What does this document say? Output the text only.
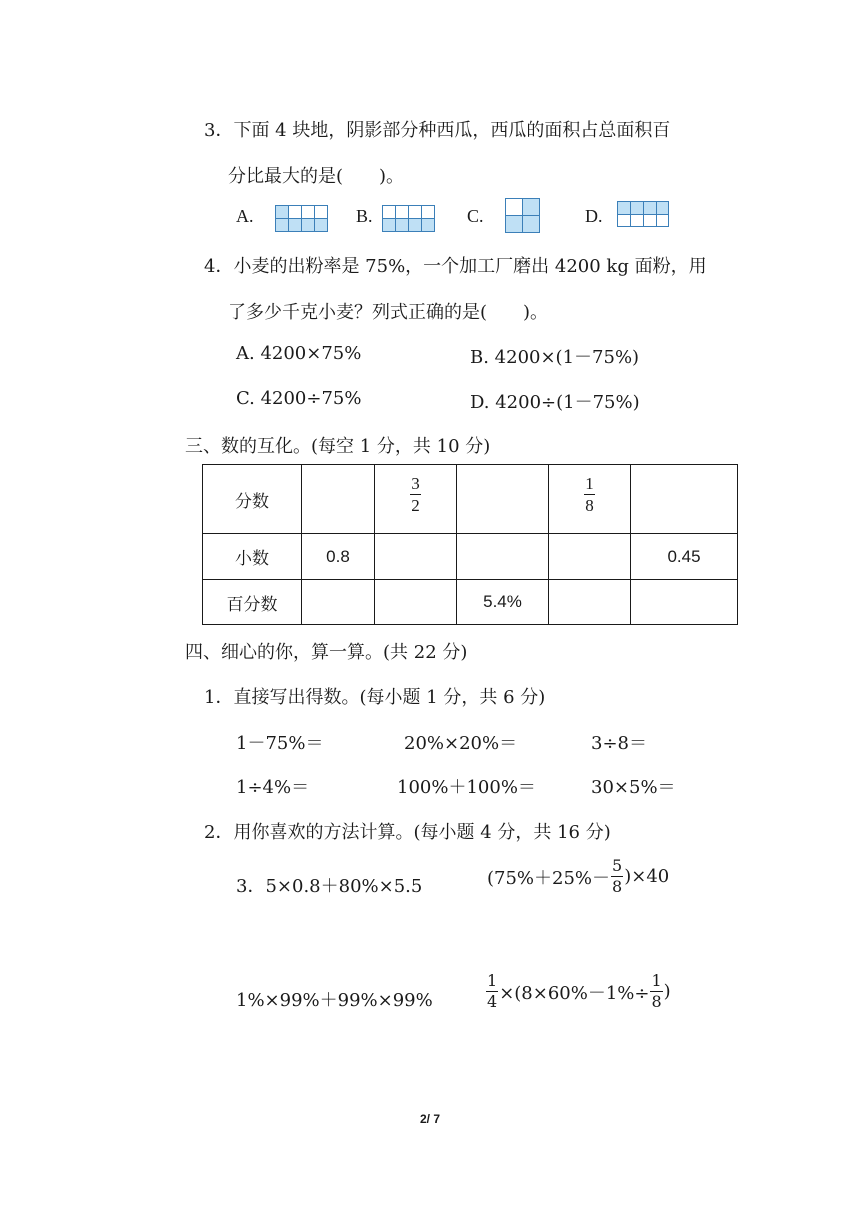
3．下面 4 块地，阴影部分种西瓜，西瓜的面积占总面积百
分比最大的是(　　)。
A.	B.	C.	D.
4．小麦的出粉率是 75%，一个加工厂磨出 4200 kg 面粉，用
了多少千克小麦？列式正确的是(　　)。
A. 4200×75%	B. 4200×(1－75%)
C. 4200÷75%	D. 4200÷(1－75%)
三、数的互化。(每空 1 分，共 10 分)
分数		$\frac{3}{2}$		$\frac{1}{8}$

小数	0.8				0.45
百分数			5.4%		
四、细心的你，算一算。(共 22 分)
1．直接写出得数。(每小题 1 分，共 6 分)
1－75%＝	20%×20%＝	3÷8＝
1÷4%＝	100%＋100%＝	30×5%＝
2．用你喜欢的方法计算。(每小题 4 分，共 16 分)
3．5×0.8＋80%×5.5	$(75\%+25\%- \frac{5}{8} )\times 40$
1%×99%＋99%×99%	$\frac{1}{4} \times(8\times 60\%-1\%\div \frac{1}{8}$ )
2/ 7
